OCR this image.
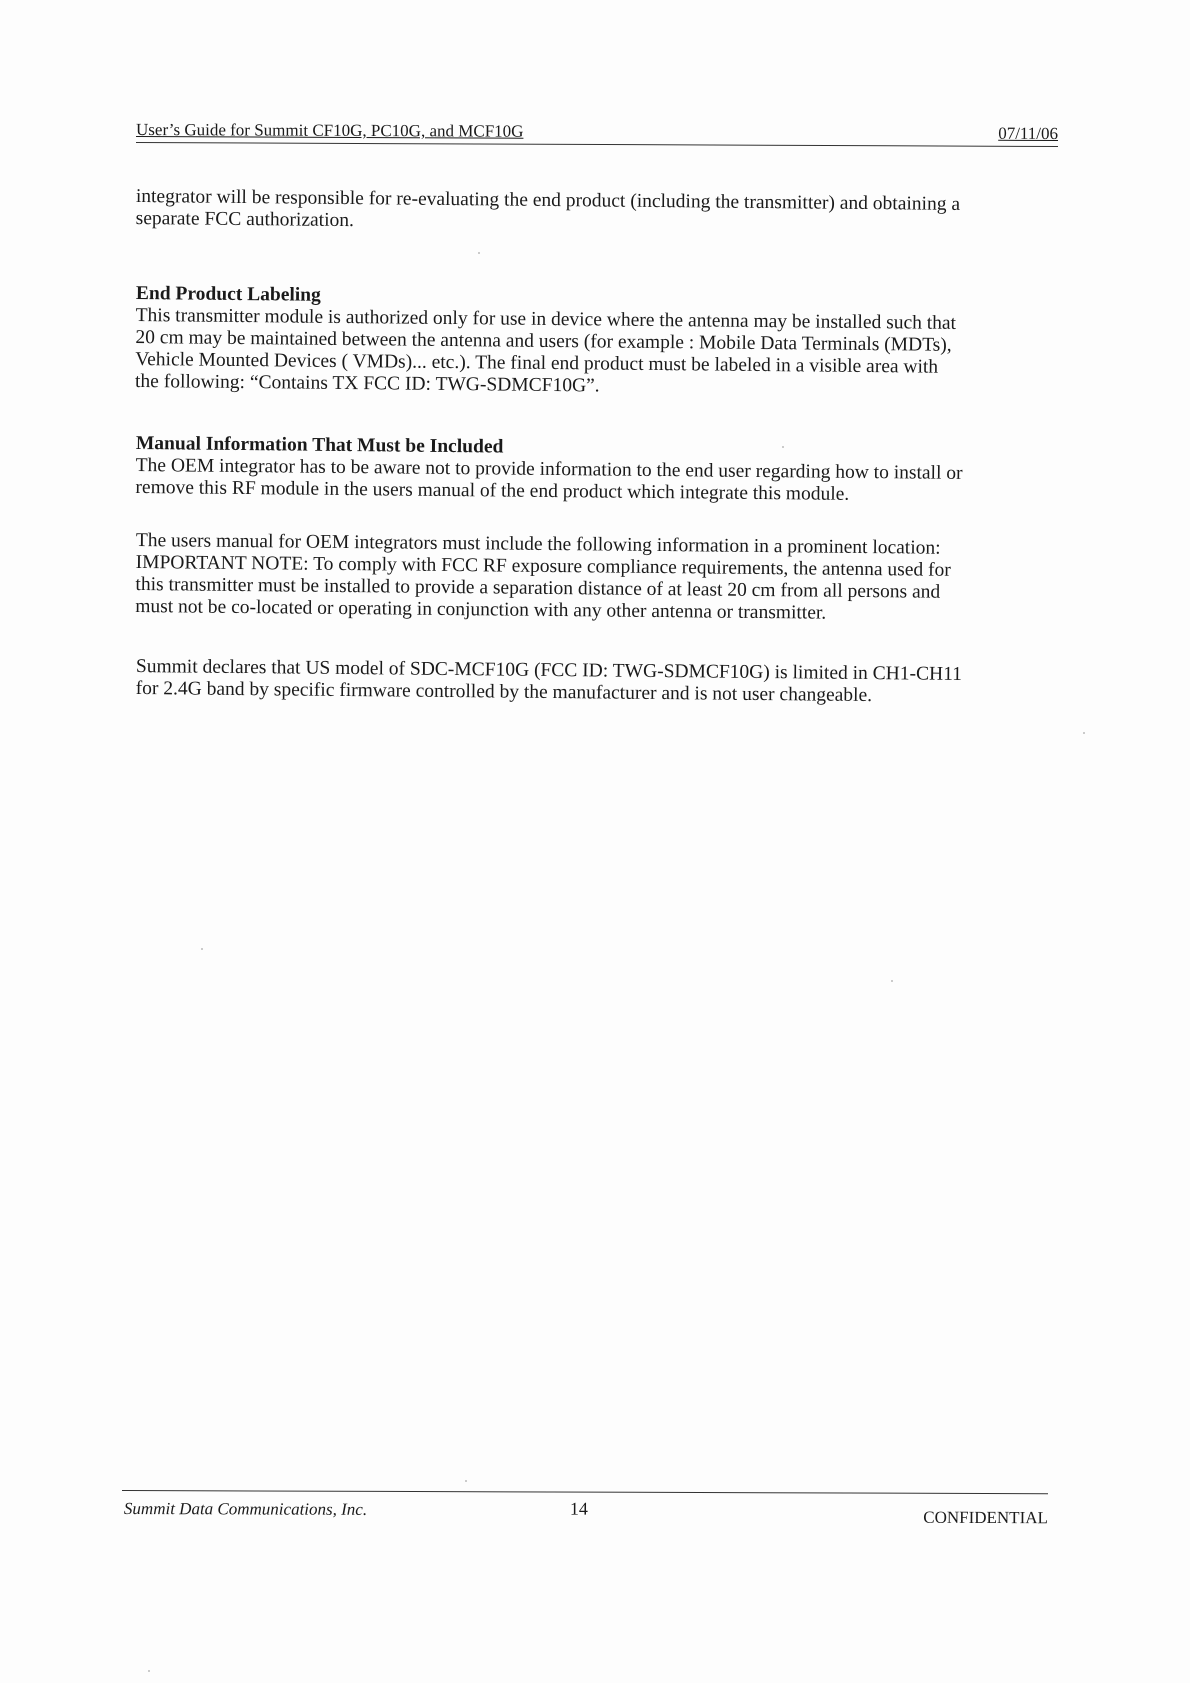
User’s Guide for Summit CF10G, PC10G, and MCF10G	07/11/06

integrator will be responsible for re-evaluating the end product (including the transmitter) and obtaining a

separate FCC authorization.

End Product Labeling

This transmitter module is authorized only for use in device where the antenna may be installed such that

20 cm may be maintained between the antenna and users (for example : Mobile Data Terminals (MDTs),

Vehicle Mounted Devices ( VMDs)... etc.). The final end product must be labeled in a visible area with

the following: “Contains TX FCC ID: TWG-SDMCF10G”.

Manual Information That Must be Included

The OEM integrator has to be aware not to provide information to the end user regarding how to install or

remove this RF module in the users manual of the end product which integrate this module.

The users manual for OEM integrators must include the following information in a prominent location:

IMPORTANT NOTE: To comply with FCC RF exposure compliance requirements, the antenna used for

this transmitter must be installed to provide a separation distance of at least 20 cm from all persons and

must not be co-located or operating in conjunction with any other antenna or transmitter.

Summit declares that US model of SDC-MCF10G (FCC ID: TWG-SDMCF10G) is limited in CH1-CH11

for 2.4G band by specific firmware controlled by the manufacturer and is not user changeable.

Summit Data Communications, Inc.	14	CONFIDENTIAL
